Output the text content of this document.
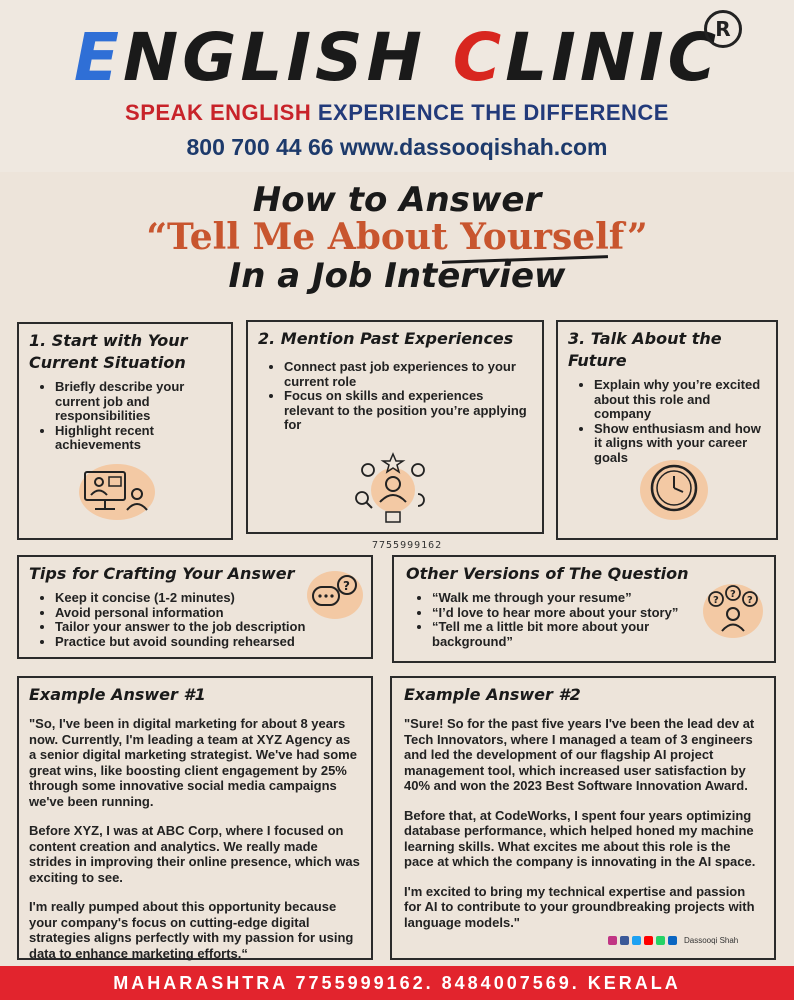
ENGLISH CLINIC
R
SPEAK ENGLISH EXPERIENCE THE DIFFERENCE
800 700 44 66 www.dassooqishah.com
How to Answer
“Tell Me About Yourself”
In a Job Interview
1. Start with Your
Current Situation
• Briefly describe your current job and responsibilities
• Highlight recent achievements
2. Mention Past Experiences
• Connect past job experiences to your current role
• Focus on skills and experiences relevant to the position you’re applying for
3. Talk About the
Future
• Explain why you’re excited about this role and company
• Show enthusiasm and how it aligns with your career goals
7755999162
Tips for Crafting Your Answer
• Keep it concise (1-2 minutes)
• Avoid personal information
• Tailor your answer to the job description
• Practice but avoid sounding rehearsed
?
Other Versions of The Question
• “Walk me through your resume”
• “I’d love to hear more about your story”
• “Tell me a little bit more about your background”
?
?
?
Example Answer #1

"So, I've been in digital marketing for about 8 years now. Currently, I'm leading a team at XYZ Agency as a senior digital marketing strategist. We've had some great wins, like boosting client engagement by 25% through some innovative social media campaigns we've been running.

Before XYZ, I was at ABC Corp, where I focused on content creation and analytics. We really made strides in improving their online presence, which was exciting to see.

I'm really pumped about this opportunity because your company's focus on cutting-edge digital strategies aligns perfectly with my passion for using data to enhance marketing efforts.“

Example Answer #2

"Sure! So for the past five years I've been the lead dev at Tech Innovators, where I managed a team of 3 engineers and led the development of our flagship AI project management tool, which increased user satisfaction by 40% and won the 2023 Best Software Innovation Award.

Before that, at CodeWorks, I spent four years optimizing database performance, which helped honed my machine learning skills. What excites me about this role is the pace at which the company is innovating in the AI space.

I'm excited to bring my technical expertise and passion for AI to contribute to your groundbreaking projects with language models."

Dassooqi Shah
MAHARASHTRA 7755999162. 8484007569. KERALA
